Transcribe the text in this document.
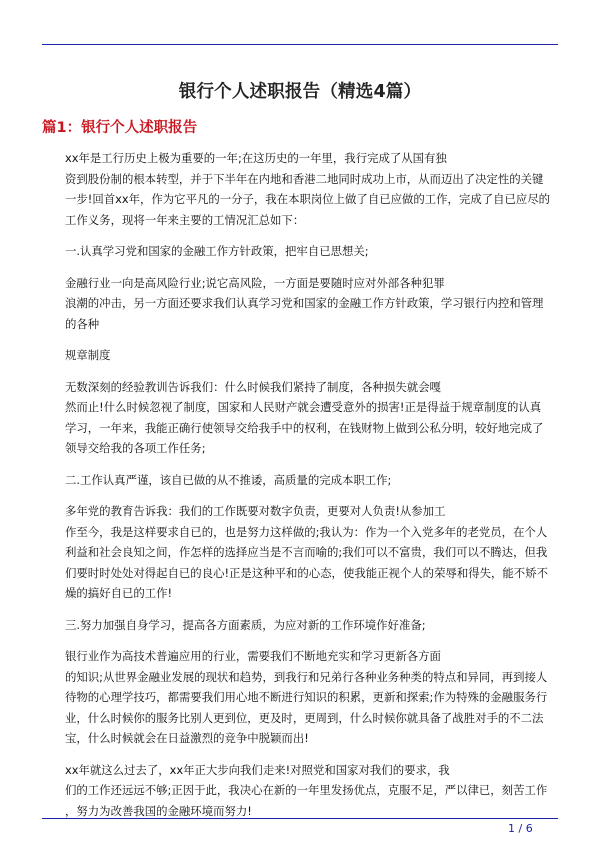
银行个人述职报告（精选4篇）
篇1：银行个人述职报告

xx年是工行历史上极为重要的一年;在这历史的一年里，我行完成了从国有独
资到股份制的根本转型，并于下半年在内地和香港二地同时成功上市，从而迈出了决定性的关键
一步!回首xx年，作为它平凡的一分子，我在本职岗位上做了自已应做的工作，完成了自已应尽的
工作义务，现将一年来主要的工情况汇总如下：

一.认真学习党和国家的金融工作方针政策，把牢自已思想关;

金融行业一向是高风险行业;说它高风险，一方面是要随时应对外部各种犯罪
浪潮的冲击，另一方面还要求我们认真学习党和国家的金融工作方针政策，学习银行内控和管理
的各种

规章制度

无数深刻的经验教训告诉我们：什么时候我们紧持了制度，各种损失就会嘎
然而止!什么时候忽视了制度，国家和人民财产就会遭受意外的损害!正是得益于规章制度的认真
学习，一年来，我能正确行使领导交给我手中的权利，在钱财物上做到公私分明，较好地完成了
领导交给我的各项工作任务;

二.工作认真严谨，该自已做的从不推诿，高质量的完成本职工作;

多年党的教育告诉我：我们的工作既要对数字负责，更要对人负责!从参加工
作至今，我是这样要求自已的，也是努力这样做的;我认为：作为一个入党多年的老党员，在个人
利益和社会良知之间，作怎样的选择应当是不言而喻的;我们可以不富贵，我们可以不腾达，但我
们要时时处处对得起自已的良心!正是这种平和的心态，使我能正视个人的荣辱和得失，能不矫不
燥的搞好自已的工作!

三.努力加强自身学习，提高各方面素质，为应对新的工作环境作好准备;

银行业作为高技术普遍应用的行业，需要我们不断地充实和学习更新各方面
的知识;从世界金融业发展的现状和趋势，到我行和兄弟行各种业务种类的特点和异同，再到接人
待物的心理学技巧，都需要我们用心地不断进行知识的积累，更新和探索;作为特殊的金融服务行
业，什么时候你的服务比别人更到位，更及时，更周到，什么时候你就具备了战胜对手的不二法
宝，什么时候就会在日益激烈的竞争中脱颖而出!

xx年就这么过去了，xx年正大步向我们走来!对照党和国家对我们的要求，我
们的工作还远远不够;正因于此，我决心在新的一年里发扬优点，克服不足，严以律已，刻苦工作
，努力为改善我国的金融环境而努力!

1 / 6
